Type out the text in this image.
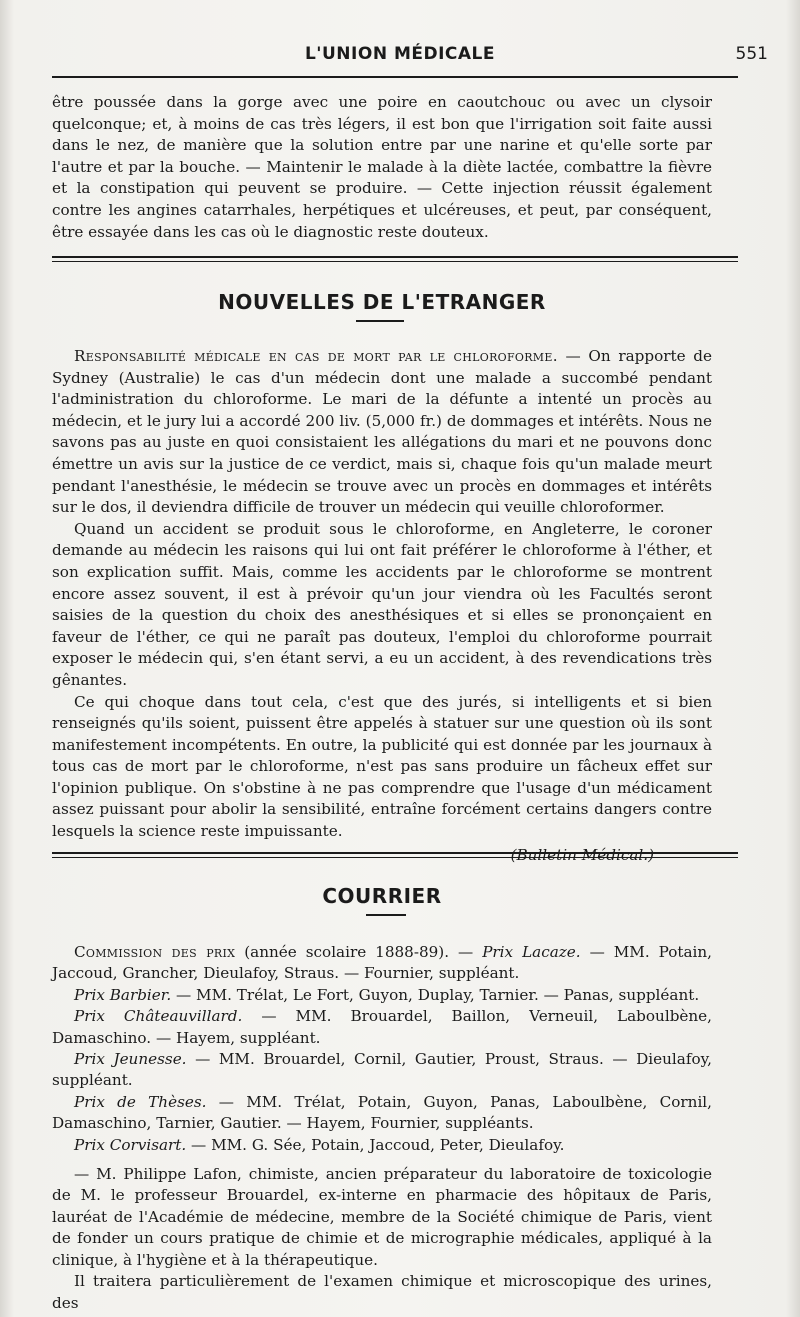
L'UNION MÉDICALE	551

être poussée dans la gorge avec une poire en caoutchouc ou avec un clysoir quelconque; et, à moins de cas très légers, il est bon que l'irrigation soit faite aussi dans le nez, de manière que la solution entre par une narine et qu'elle sorte par l'autre et par la bouche. — Maintenir le malade à la diète lactée, combattre la fièvre et la constipation qui peuvent se produire. — Cette injection réussit également contre les angines catarrhales, herpétiques et ulcéreuses, et peut, par conséquent, être essayée dans les cas où le diagnostic reste douteux.

NOUVELLES DE L'ETRANGER

Responsabilité médicale en cas de mort par le chloroforme. — On rapporte de Sydney (Australie) le cas d'un médecin dont une malade a succombé pendant l'administration du chloroforme. Le mari de la défunte a intenté un procès au médecin, et le jury lui a accordé 200 liv. (5,000 fr.) de dommages et intérêts. Nous ne savons pas au juste en quoi consistaient les allégations du mari et ne pouvons donc émettre un avis sur la justice de ce verdict, mais si, chaque fois qu'un malade meurt pendant l'anesthésie, le médecin se trouve avec un procès en dommages et intérêts sur le dos, il deviendra difficile de trouver un médecin qui veuille chloroformer.

Quand un accident se produit sous le chloroforme, en Angleterre, le coroner demande au médecin les raisons qui lui ont fait préférer le chloroforme à l'éther, et son explication suffit. Mais, comme les accidents par le chloroforme se montrent encore assez souvent, il est à prévoir qu'un jour viendra où les Facultés seront saisies de la question du choix des anesthésiques et si elles se prononçaient en faveur de l'éther, ce qui ne paraît pas douteux, l'emploi du chloroforme pourrait exposer le médecin qui, s'en étant servi, a eu un accident, à des revendications très gênantes.

Ce qui choque dans tout cela, c'est que des jurés, si intelligents et si bien renseignés qu'ils soient, puissent être appelés à statuer sur une question où ils sont manifestement incompétents. En outre, la publicité qui est donnée par les journaux à tous cas de mort par le chloroforme, n'est pas sans produire un fâcheux effet sur l'opinion publique. On s'obstine à ne pas comprendre que l'usage d'un médicament assez puissant pour abolir la sensibilité, entraîne forcément certains dangers contre lesquels la science reste impuissante.

(Bulletin Médical.)

COURRIER

Commission des prix (année scolaire 1888-89). — Prix Lacaze. — MM. Potain, Jaccoud, Grancher, Dieulafoy, Straus. — Fournier, suppléant.

Prix Barbier. — MM. Trélat, Le Fort, Guyon, Duplay, Tarnier. — Panas, suppléant.

Prix Châteauvillard. — MM. Brouardel, Baillon, Verneuil, Laboulbène, Damaschino. — Hayem, suppléant.

Prix Jeunesse. — MM. Brouardel, Cornil, Gautier, Proust, Straus. — Dieulafoy, suppléant.

Prix de Thèses. — MM. Trélat, Potain, Guyon, Panas, Laboulbène, Cornil, Damaschino, Tarnier, Gautier. — Hayem, Fournier, suppléants.

Prix Corvisart. — MM. G. Sée, Potain, Jaccoud, Peter, Dieulafoy.

— M. Philippe Lafon, chimiste, ancien préparateur du laboratoire de toxicologie de M. le professeur Brouardel, ex-interne en pharmacie des hôpitaux de Paris, lauréat de l'Académie de médecine, membre de la Société chimique de Paris, vient de fonder un cours pratique de chimie et de micrographie médicales, appliqué à la clinique, à l'hygiène et à la thérapeutique.

Il traitera particulièrement de l'examen chimique et microscopique des urines, des
